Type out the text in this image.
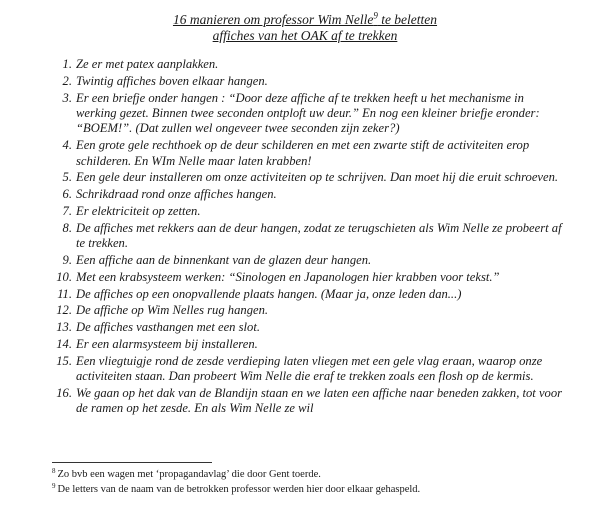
16 manieren om professor Wim Nelle$^9$ te beletten
affiches van het OAK af te trekken
1. Ze er met patex aanplakken.
2. Twintig affiches boven elkaar hangen.
3. Er een briefje onder hangen : “Door deze affiche af te trekken heeft u het mechanisme in werking gezet. Binnen twee seconden ontploft uw deur.” En nog een kleiner briefje eronder: “BOEM!”. (Dat zullen wel ongeveer twee seconden zijn zeker?)
4. Een grote gele rechthoek op de deur schilderen en met een zwarte stift de activiteiten erop schilderen. En WIm Nelle maar laten krabben!
5. Een gele deur installeren om onze activiteiten op te schrijven. Dan moet hij die eruit schroeven.
6. Schrikdraad rond onze affiches hangen.
7. Er elektriciteit op zetten.
8. De affiches met rekkers aan de deur hangen, zodat ze terugschieten als Wim Nelle ze probeert af te trekken.
9. Een affiche aan de binnenkant van de glazen deur hangen.
10. Met een krabsysteem werken: “Sinologen en Japanologen hier krabben voor tekst.”
11. De affiches op een onopvallende plaats hangen. (Maar ja, onze leden dan...)
12. De affiche op Wim Nelles rug hangen.
13. De affiches vasthangen met een slot.
14. Er een alarmsysteem bij installeren.
15. Een vliegtuigje rond de zesde verdieping laten vliegen met een gele vlag eraan, waarop onze activiteiten staan. Dan probeert Wim Nelle die eraf te trekken zoals een flosh op de kermis.
16. We gaan op het dak van de Blandijn staan en we laten een affiche naar beneden zakken, tot voor de ramen op het zesde. En als Wim Nelle ze wil
$^8$ Zo bvb een wagen met ‘propagandavlag’ die door Gent toerde.
$^9$ De letters van de naam van de betrokken professor werden hier door elkaar gehaspeld.
